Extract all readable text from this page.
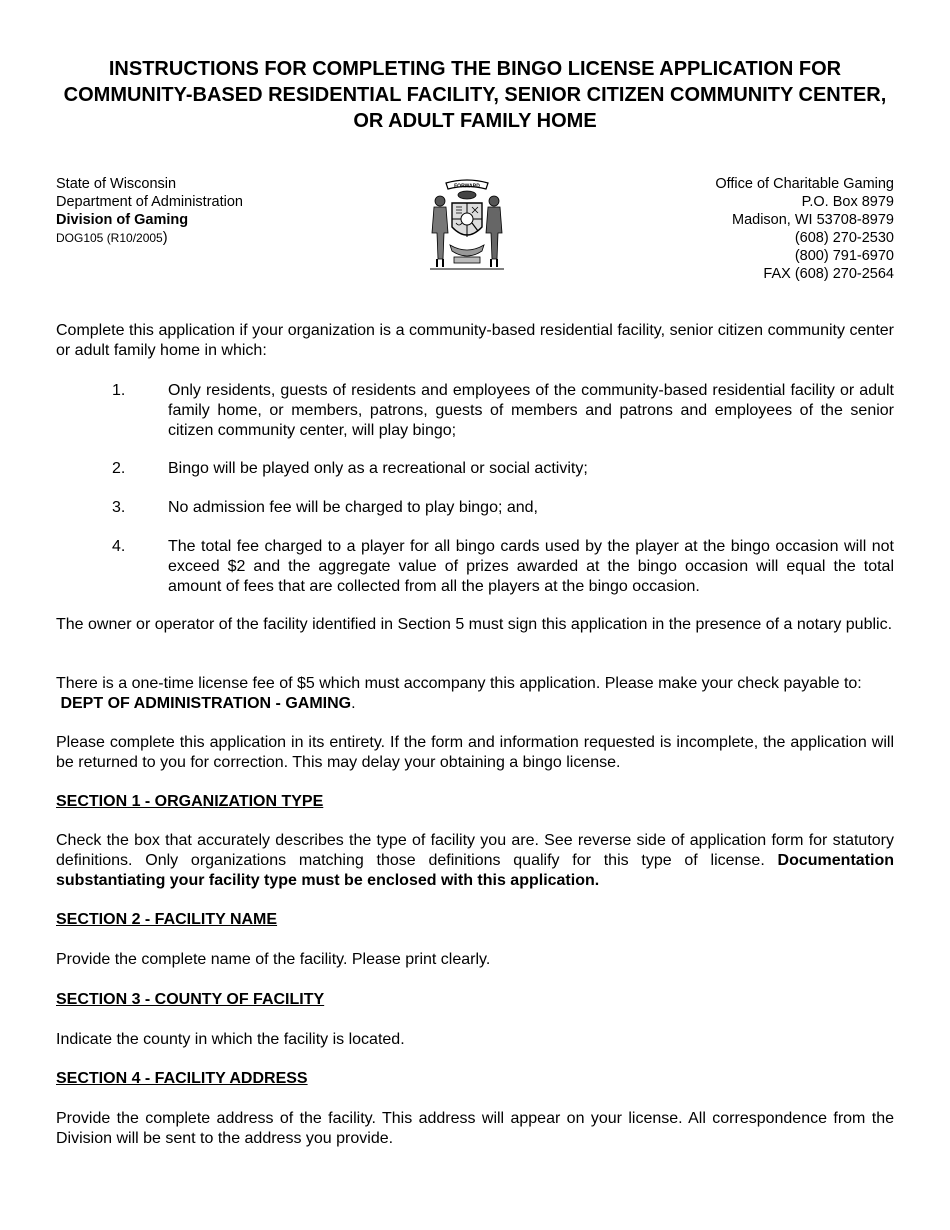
INSTRUCTIONS FOR COMPLETING THE BINGO LICENSE APPLICATION FOR COMMUNITY-BASED RESIDENTIAL FACILITY, SENIOR CITIZEN COMMUNITY CENTER, OR ADULT FAMILY HOME
State of Wisconsin
Department of Administration
Division of Gaming
DOG105 (R10/2005)
FORWARD	Office of Charitable Gaming
P.O. Box 8979
Madison, WI 53708-8979
(608) 270-2530
(800) 791-6970
FAX (608) 270-2564
Complete this application if your organization is a community-based residential facility, senior citizen community center or adult family home in which:
1.	Only residents, guests of residents and employees of the community-based residential facility or adult family home, or members, patrons, guests of members and patrons and employees of the senior citizen community center, will play bingo;
2.	Bingo will be played only as a recreational or social activity;
3.	No admission fee will be charged to play bingo; and,
4.	The total fee charged to a player for all bingo cards used by the player at the bingo occasion will not exceed $2 and the aggregate value of prizes awarded at the bingo occasion will equal the total amount of fees that are collected from all the players at the bingo occasion.
The owner or operator of the facility identified in Section 5 must sign this application in the presence of a notary public.
There is a one-time license fee of $5 which must accompany this application. Please make your check payable to:
DEPT OF ADMINISTRATION - GAMING.
Please complete this application in its entirety. If the form and information requested is incomplete, the application will be returned to you for correction. This may delay your obtaining a bingo license.
SECTION 1 - ORGANIZATION TYPE
Check the box that accurately describes the type of facility you are. See reverse side of application form for statutory definitions. Only organizations matching those definitions qualify for this type of license. Documentation substantiating your facility type must be enclosed with this application.
SECTION 2 - FACILITY NAME
Provide the complete name of the facility. Please print clearly.
SECTION 3 - COUNTY OF FACILITY
Indicate the county in which the facility is located.
SECTION 4 - FACILITY ADDRESS
Provide the complete address of the facility. This address will appear on your license. All correspondence from the Division will be sent to the address you provide.
